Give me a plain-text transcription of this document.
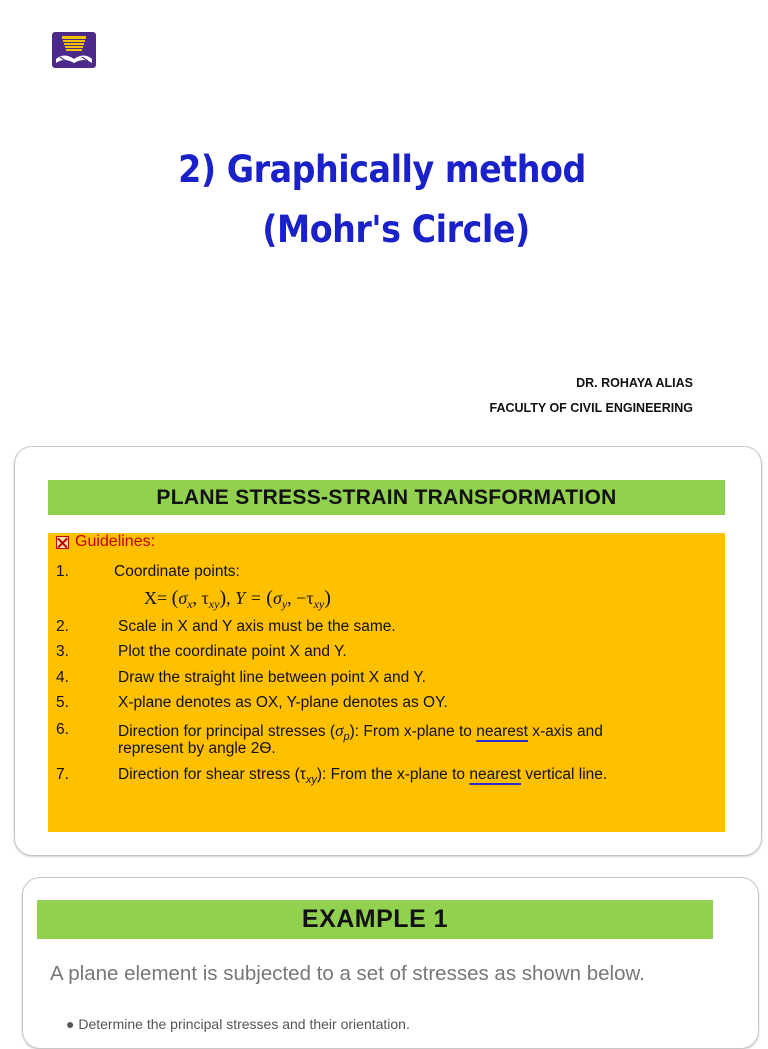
2) Graphically method
(Mohr's Circle)
DR. ROHAYA ALIAS
FACULTY OF CIVIL ENGINEERING
PLANE STRESS-STRAIN TRANSFORMATION
Guidelines:
1.	Coordinate points:
$X= (\sigma_x$, $\tau_{xy}$), $Y = (\sigma_y$, $-\tau_{xy}$)
2.	Scale in X and Y axis must be the same.
3.	Plot the coordinate point X and Y.
4.	Draw the straight line between point X and Y.
5.	X-plane denotes as OX, Y-plane denotes as OY.
6.	Direction for principal stresses $(\sigma_p)$: From x-plane to nearest x-axis and
represent by angle 2Ѳ.
7.	Direction for shear stress $(\tau_{xy})$: From the x-plane to nearest vertical line.
EXAMPLE 1
A plane element is subjected to a set of stresses as shown below.
● Determine the principal stresses and their orientation.
